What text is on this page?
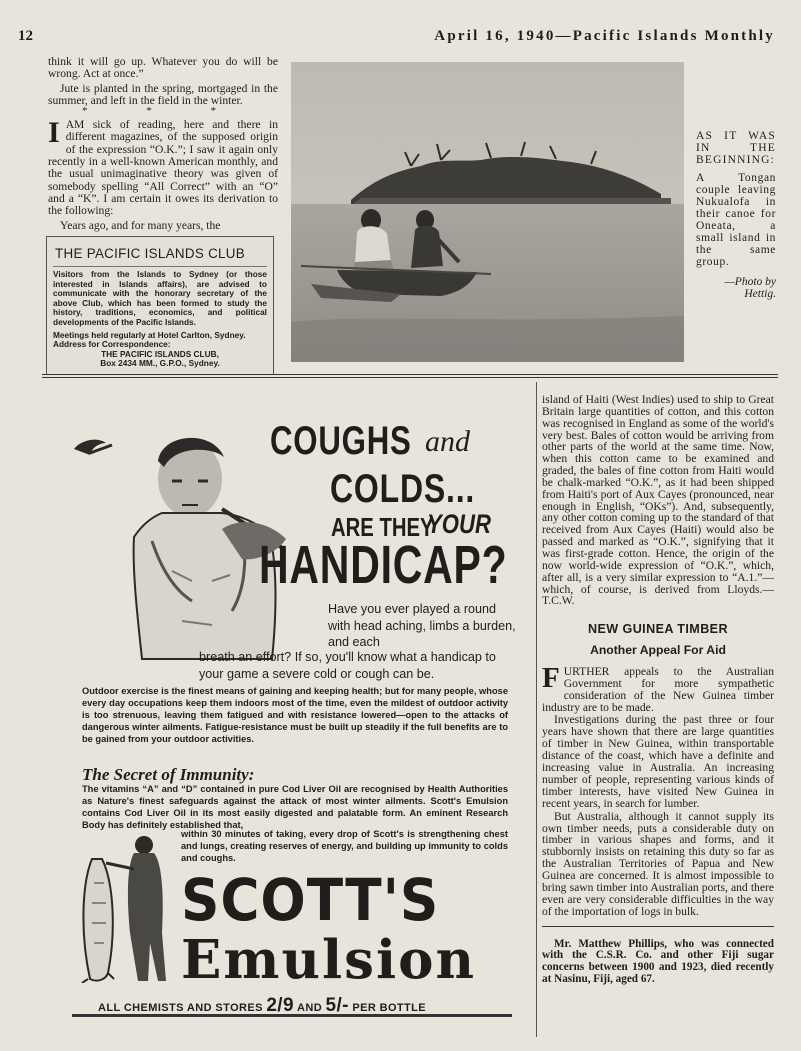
12	April 16, 1940—Pacific Islands Monthly

think it will go up. Whatever you do will be wrong. Act at once.”

Jute is planted in the spring, mortgaged in the summer, and left in the field in the winter.

* * *

IAM sick of reading, here and there in different magazines, of the supposed origin of the expression “O.K.”; I saw it again only recently in a well-known American monthly, and the usual unimaginative theory was given of somebody spelling “All Correct” with an “O” and a “K”. I am certain it owes its derivation to the following:

Years ago, and for many years, the

THE PACIFIC ISLANDS CLUB

Visitors from the Islands to Sydney (or those interested in Islands affairs), are advised to communicate with the honorary secretary of the above Club, which has been formed to study the history, traditions, economics, and political developments of the Pacific Islands.

Meetings held regularly at Hotel Carlton, Sydney.

Address for Correspondence:

THE PACIFIC ISLANDS CLUB,

Box 2434 MM., G.P.O., Sydney.

AS IT WAS IN THE BEGINNING:

A Tongan couple leaving Nukualofa in their canoe for Oneata, a small island in the same group.

—Photo by Hettig.

COUGHS and
COLDS...
ARE THEY
YOUR
HANDICAP?
Have you ever played a round with head aching, limbs a burden, and each
breath an effort? If so, you'll know what a handicap to your game a severe cold or cough can be.
Outdoor exercise is the finest means of gaining and keeping health; but for many people, whose every day occupations keep them indoors most of the time, even the mildest of outdoor activity is too strenuous, leaving them fatigued and with resistance lowered—open to the attacks of dangerous winter ailments. Fatigue-resistance must be built up steadily if the full benefits are to be gained from your outdoor activities.
The Secret of Immunity:
The vitamins “A” and “D” contained in pure Cod Liver Oil are recognised by Health Authorities as Nature's finest safeguards against the attack of most winter ailments. Scott's Emulsion contains Cod Liver Oil in its most easily digested and palatable form. An eminent Research Body has definitely established that,
within 30 minutes of taking, every drop of Scott's is strengthening chest and lungs, creating reserves of energy, and building up immunity to colds and coughs.
SCOTT'S
Emulsion
ALL CHEMISTS AND STORES 2/9 AND 5/- PER BOTTLE

island of Haiti (West Indies) used to ship to Great Britain large quantities of cotton, and this cotton was recognised in England as some of the world's very best. Bales of cotton would be arriving from other parts of the world at the same time. Now, when this cotton came to be examined and graded, the bales of fine cotton from Haiti would be chalk-marked “O.K.”, as it had been shipped from Haiti's port of Aux Cayes (pronounced, near enough in English, “OKs”). And, subsequently, any other cotton coming up to the standard of that received from Aux Cayes (Haiti) would also be passed and marked as “O.K.”, signifying that it was first-grade cotton. Hence, the origin of the now world-wide expression of “O.K.”, which, after all, is a very similar expression to “A.1.”—which, of course, is derived from Lloyds.—T.C.W.

NEW GUINEA TIMBER
Another Appeal For Aid

FURTHER appeals to the Australian Government for more sympathetic consideration of the New Guinea timber industry are to be made.

Investigations during the past three or four years have shown that there are large quantities of timber in New Guinea, within transportable distance of the coast, which have a definite and increasing value in Australia. An increasing number of people, representing various kinds of timber interests, have visited New Guinea in recent years, in search for lumber.

But Australia, although it cannot supply its own timber needs, puts a considerable duty on timber in various shapes and forms, and it stubbornly insists on retaining this duty so far as the Australian Territories of Papua and New Guinea are concerned. It is almost impossible to bring sawn timber into Australian ports, and there even are very considerable difficulties in the way of the importation of logs in bulk.

Mr. Matthew Phillips, who was connected with the C.S.R. Co. and other Fiji sugar concerns between 1900 and 1923, died recently at Nasinu, Fiji, aged 67.
